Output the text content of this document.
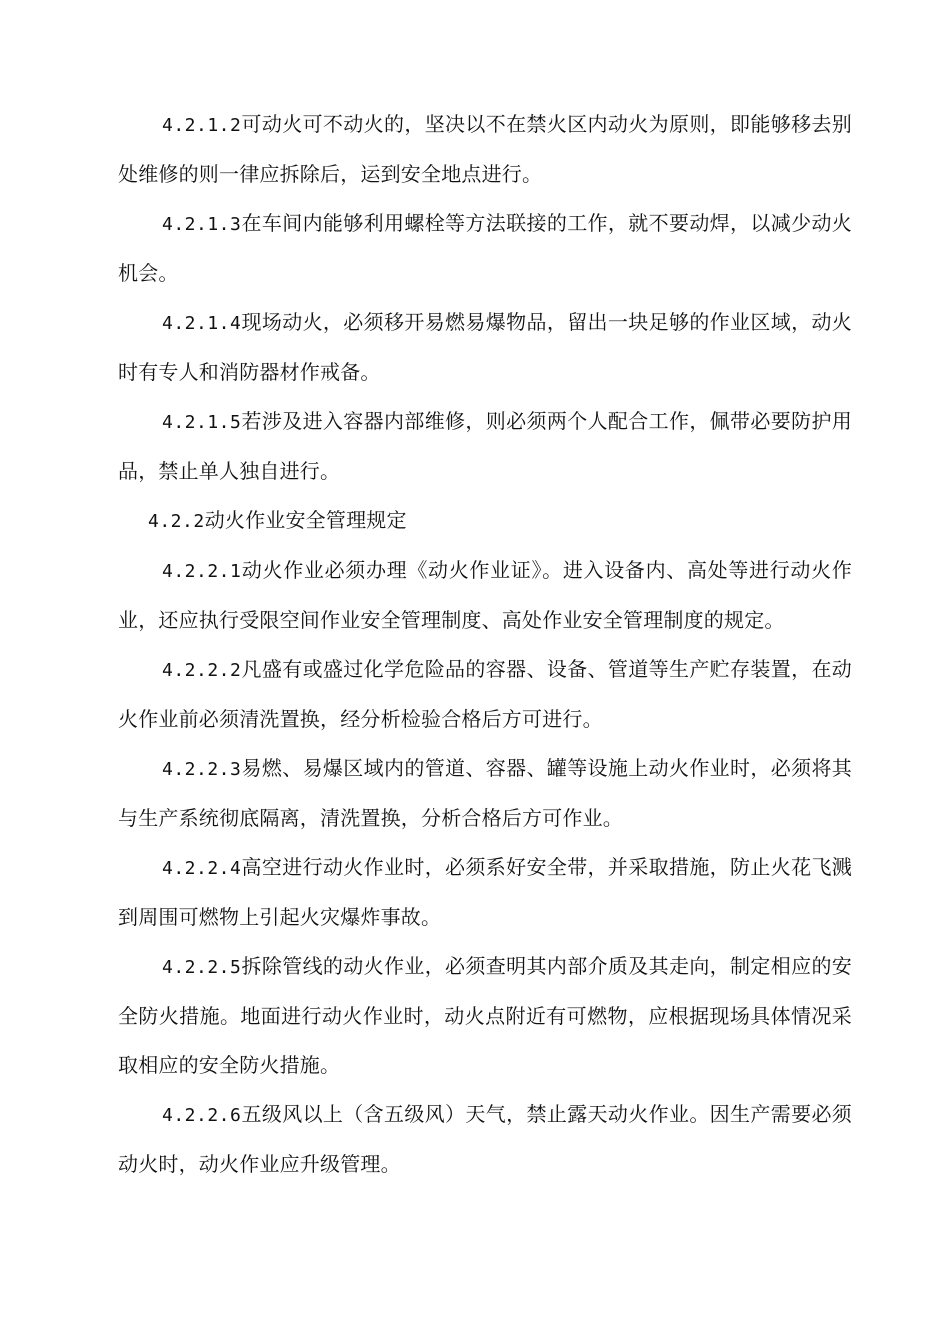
4.2.1.2可动火可不动火的，坚决以不在禁火区内动火为原则，即能够移去别处维修的则一律应拆除后，运到安全地点进行。

4.2.1.3在车间内能够利用螺栓等方法联接的工作，就不要动焊，以减少动火机会。

4.2.1.4现场动火，必须移开易燃易爆物品，留出一块足够的作业区域，动火时有专人和消防器材作戒备。

4.2.1.5若涉及进入容器内部维修，则必须两个人配合工作，佩带必要防护用品，禁止单人独自进行。

4.2.2动火作业安全管理规定

4.2.2.1动火作业必须办理《动火作业证》。进入设备内、高处等进行动火作业，还应执行受限空间作业安全管理制度、高处作业安全管理制度的规定。

4.2.2.2凡盛有或盛过化学危险品的容器、设备、管道等生产贮存装置，在动火作业前必须清洗置换，经分析检验合格后方可进行。

4.2.2.3易燃、易爆区域内的管道、容器、罐等设施上动火作业时，必须将其与生产系统彻底隔离，清洗置换，分析合格后方可作业。

4.2.2.4高空进行动火作业时，必须系好安全带，并采取措施，防止火花飞溅到周围可燃物上引起火灾爆炸事故。

4.2.2.5拆除管线的动火作业，必须查明其内部介质及其走向，制定相应的安全防火措施。地面进行动火作业时，动火点附近有可燃物，应根据现场具体情况采取相应的安全防火措施。

4.2.2.6五级风以上（含五级风）天气，禁止露天动火作业。因生产需要必须动火时，动火作业应升级管理。
